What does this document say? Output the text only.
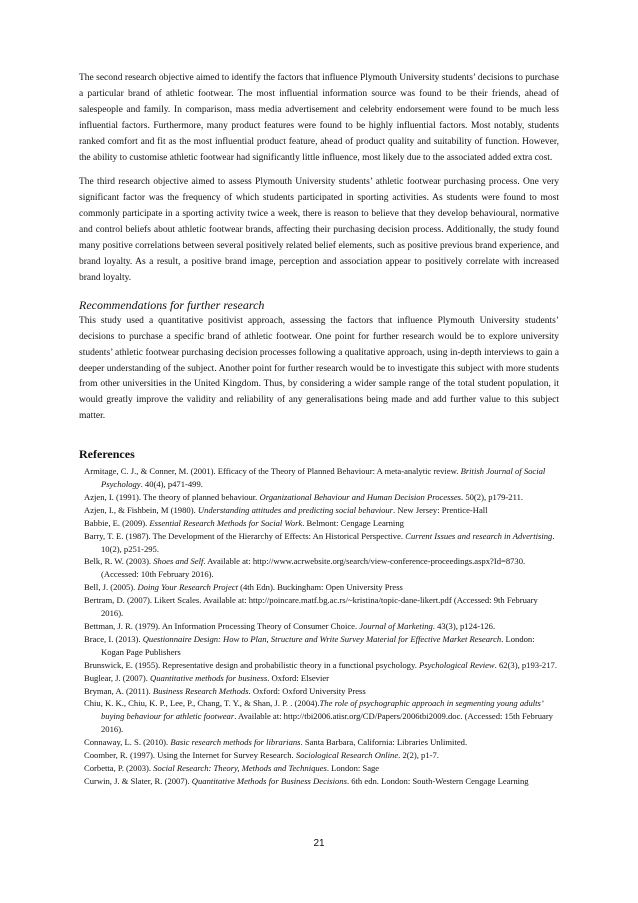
The second research objective aimed to identify the factors that influence Plymouth University students’ decisions to purchase a particular brand of athletic footwear. The most influential information source was found to be their friends, ahead of salespeople and family. In comparison, mass media advertisement and celebrity endorsement were found to be much less influential factors. Furthermore, many product features were found to be highly influential factors. Most notably, students ranked comfort and fit as the most influential product feature, ahead of product quality and suitability of function. However, the ability to customise athletic footwear had significantly little influence, most likely due to the associated added extra cost.

The third research objective aimed to assess Plymouth University students’ athletic footwear purchasing process. One very significant factor was the frequency of which students participated in sporting activities. As students were found to most commonly participate in a sporting activity twice a week, there is reason to believe that they develop behavioural, normative and control beliefs about athletic footwear brands, affecting their purchasing decision process. Additionally, the study found many positive correlations between several positively related belief elements, such as positive previous brand experience, and brand loyalty. As a result, a positive brand image, perception and association appear to positively correlate with increased brand loyalty.

Recommendations for further research

This study used a quantitative positivist approach, assessing the factors that influence Plymouth University students’ decisions to purchase a specific brand of athletic footwear. One point for further research would be to explore university students’ athletic footwear purchasing decision processes following a qualitative approach, using in-depth interviews to gain a deeper understanding of the subject. Another point for further research would be to investigate this subject with more students from other universities in the United Kingdom. Thus, by considering a wider sample range of the total student population, it would greatly improve the validity and reliability of any generalisations being made and add further value to this subject matter.

References
Armitage, C. J., & Conner, M. (2001). Efficacy of the Theory of Planned Behaviour: A meta-analytic review. British Journal of Social Psychology. 40(4), p471-499.
Azjen, I. (1991). The theory of planned behaviour. Organizational Behaviour and Human Decision Processes. 50(2), p179-211.
Azjen, I., & Fishbein, M (1980). Understanding attitudes and predicting social behaviour. New Jersey: Prentice-Hall
Babbie, E. (2009). Essential Research Methods for Social Work. Belmont: Cengage Learning
Barry, T. E. (1987). The Development of the Hierarchy of Effects: An Historical Perspective. Current Issues and research in Advertising. 10(2), p251-295.
Belk, R. W. (2003). Shoes and Self. Available at: http://www.acrwebsite.org/search/view-conference-proceedings.aspx?Id=8730. (Accessed: 10th February 2016).
Bell, J. (2005). Doing Your Research Project (4th Edn). Buckingham: Open University Press
Bertram, D. (2007). Likert Scales. Available at: http://poincare.matf.bg.ac.rs/~kristina/topic-dane-likert.pdf (Accessed: 9th February 2016).
Bettman, J. R. (1979). An Information Processing Theory of Consumer Choice. Journal of Marketing. 43(3), p124-126.
Brace, I. (2013). Questionnaire Design: How to Plan, Structure and Write Survey Material for Effective Market Research. London: Kogan Page Publishers
Brunswick, E. (1955). Representative design and probabilistic theory in a functional psychology. Psychological Review. 62(3), p193-217.
Buglear, J. (2007). Quantitative methods for business. Oxford: Elsevier
Bryman, A. (2011). Business Research Methods. Oxford: Oxford University Press
Chiu, K. K., Chiu, K. P., Lee, P., Chang, T. Y., & Shan, J. P. . (2004).The role of psychographic approach in segmenting young adults’ buying behaviour for athletic footwear. Available at: http://tbi2006.atisr.org/CD/Papers/2006tbi2009.doc. (Accessed: 15th February 2016).
Connaway, L. S. (2010). Basic research methods for librarians. Santa Barbara, California: Libraries Unlimited.
Coomber, R. (1997). Using the Internet for Survey Research. Sociological Research Online. 2(2), p1-7.
Corbetta, P. (2003). Social Research: Theory, Methods and Techniques. London: Sage
Curwin, J. & Slater, R. (2007). Quantitative Methods for Business Decisions. 6th edn. London: South-Western Cengage Learning
21
